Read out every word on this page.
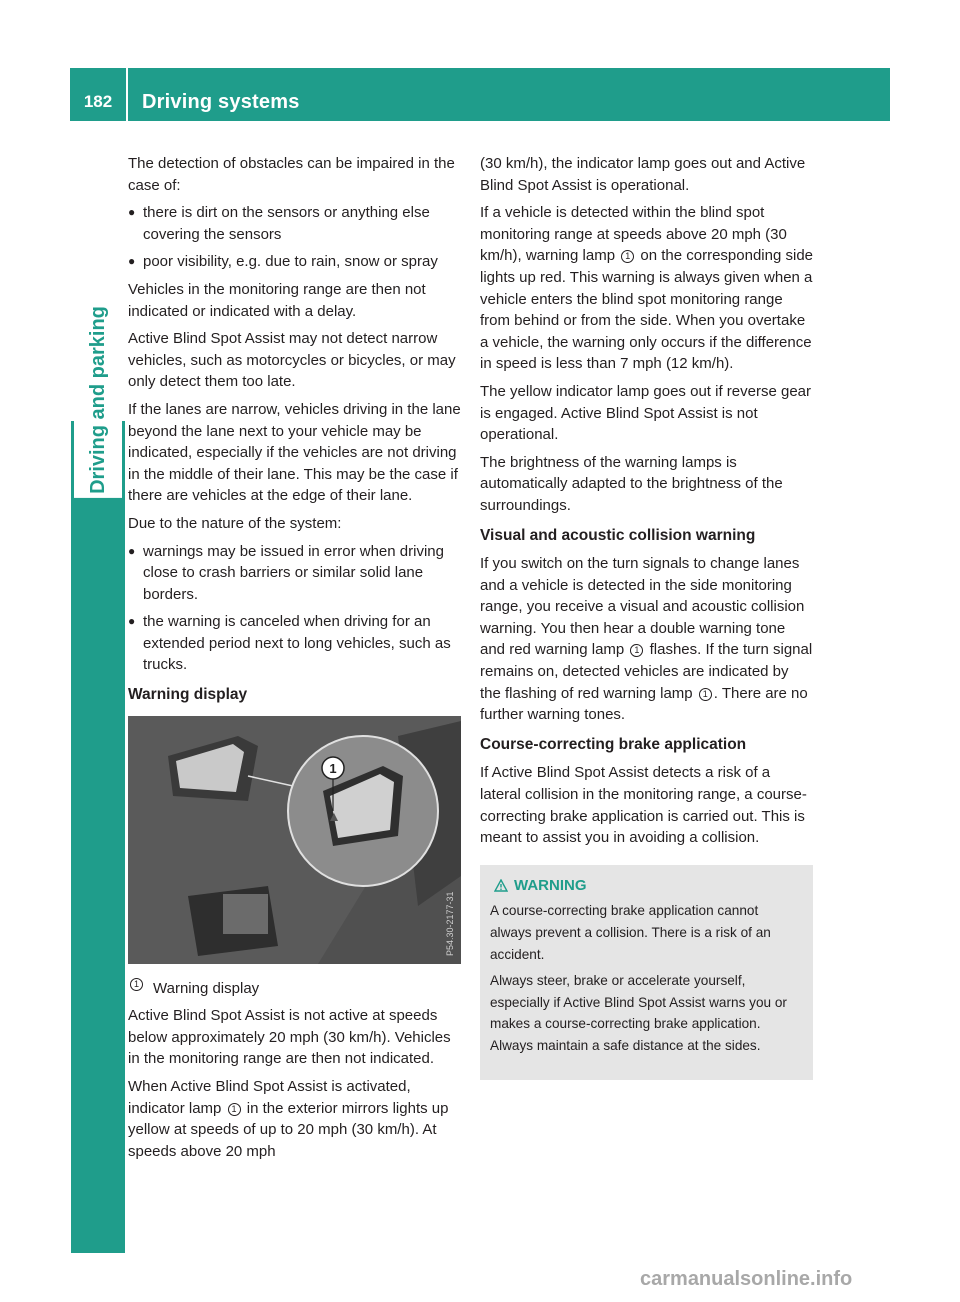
182	Driving systems
Driving and parking

The detection of obstacles can be impaired in the case of:

● there is dirt on the sensors or anything else covering the sensors
● poor visibility, e.g. due to rain, snow or spray

Vehicles in the monitoring range are then not indicated or indicated with a delay.

Active Blind Spot Assist may not detect narrow vehicles, such as motorcycles or bicycles, or may only detect them too late.

If the lanes are narrow, vehicles driving in the lane beyond the lane next to your vehicle may be indicated, especially if the vehicles are not driving in the middle of their lane. This may be the case if there are vehicles at the edge of their lane.

Due to the nature of the system:

● warnings may be issued in error when driving close to crash barriers or similar solid lane borders.
● the warning is canceled when driving for an extended period next to long vehicles, such as trucks.
Warning display
1
P54.30-2177-31
1 Warning display

Active Blind Spot Assist is not active at speeds below approximately 20 mph (30 km/h). Vehicles in the monitoring range are then not indicated.

When Active Blind Spot Assist is activated, indicator lamp 1 in the exterior mirrors lights up yellow at speeds of up to 20 mph (30 km/h). At speeds above 20 mph

(30 km/h), the indicator lamp goes out and Active Blind Spot Assist is operational.

If a vehicle is detected within the blind spot monitoring range at speeds above 20 mph (30 km/h), warning lamp 1 on the corresponding side lights up red. This warning is always given when a vehicle enters the blind spot monitoring range from behind or from the side. When you overtake a vehicle, the warning only occurs if the difference in speed is less than 7 mph (12 km/h).

The yellow indicator lamp goes out if reverse gear is engaged. Active Blind Spot Assist is not operational.

The brightness of the warning lamps is automatically adapted to the brightness of the surroundings.

Visual and acoustic collision warning

If you switch on the turn signals to change lanes and a vehicle is detected in the side monitoring range, you receive a visual and acoustic collision warning. You then hear a double warning tone and red warning lamp 1 flashes. If the turn signal remains on, detected vehicles are indicated by the flashing of red warning lamp 1 . There are no further warning tones.

Course-correcting brake application

If Active Blind Spot Assist detects a risk of a lateral collision in the monitoring range, a course-correcting brake application is carried out. This is meant to assist you in avoiding a collision.

WARNING

A course-correcting brake application cannot always prevent a collision. There is a risk of an accident.

Always steer, brake or accelerate yourself, especially if Active Blind Spot Assist warns you or makes a course-correcting brake application. Always maintain a safe distance at the sides.

carmanualsonline.info
